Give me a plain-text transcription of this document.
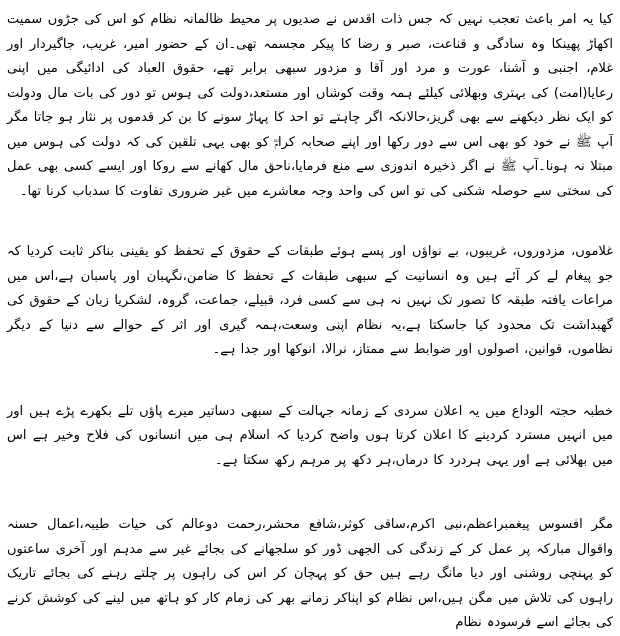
کیا یہ امر باعث تعجب نہیں کہ جس ذات اقدس نے صدیوں پر محیط ظالمانہ نظام کو اس کی جڑوں سمیت اکھاڑ پھینکا وہ سادگی و قناعت، صبر و رضا کا پیکر مجسمہ تھی۔ان کے حضور امیر، غریب، جاگیردار اور غلام، اجنبی و آشنا، عورت و مرد اور آقا و مزدور سبھی برابر تھے، حقوق العباد کی ادائیگی میں اپنی رعایا(امت) کی بہتری وبھلائی کیلئے ہمہ وقت کوشاں اور مستعد،دولت کی ہوس تو دور کی بات مال ودولت کو ایک نظر دیکھنے سے بھی گریز،حالانکہ اگر چاہتے تو احد کا پہاڑ سونے کا بن کر قدموں پر نثار ہو جاتا مگر آپ ﷺ نے خود کو بھی اس سے دور رکھا اور اپنے صحابہ کرامؓ کو بھی یہی تلقین کی کہ دولت کی ہوس میں مبتلا نہ ہونا۔آپ ﷺ نے اگر ذخیرہ اندوزی سے منع فرمایا،ناحق مال کھانے سے روکا اور ایسے کسی بھی عمل کی سختی سے حوصلہ شکنی کی تو اس کی واحد وجہ معاشرے میں غیر ضروری تفاوت کا سدباب کرنا تھا۔

غلاموں، مزدوروں، غریبوں، بے نواؤں اور پسے ہوئے طبقات کے حقوق کے تحفظ کو یقینی بناکر ثابت کردیا کہ جو پیغام لے کر آئے ہیں وہ انسانیت کے سبھی طبقات کے تحفظ کا ضامن،نگہبان اور پاسبان ہے،اس میں مراعات یافتہ طبقہ کا تصور تک نہیں نہ ہی سے کسی فرد، قبیلے، جماعت، گروہ، لشکریا زبان کے حقوق کی گھبداشت تک محدود کیا جاسکتا ہے،یہ نظام اپنی وسعت،ہمہ گیری اور اثر کے حوالے سے دنیا کے دیگر نظاموں، قوانین، اصولوں اور ضوابط سے ممتاز، نرالا، انوکھا اور جدا ہے۔

خطبہ حجتہ الوداع میں یہ اعلان سردی کے زمانہ جہالت کے سبھی دساتیر میرے پاؤں تلے بکھرے پڑے ہیں اور میں انہیں مسترد کردینے کا اعلان کرتا ہوں واضح کردیا کہ اسلام ہی میں انسانوں کی فلاح وخیر ہے اس میں بھلائی ہے اور یہی ہردرد کا درماں،ہر دکھ پر مرہم رکھ سکتا ہے۔

مگر افسوس پیغمبراعظم،نبی اکرم،ساقی کوثر،شافع محشر،رحمت دوعالم کی حیات طیبہ،اعمال حسنہ واقوال مبارکہ پر عمل کر کے زندگی کی الجھی ڈور کو سلجھانے کی بجائے غیر سے مدہم اور آخری ساعتوں کو پہنچی روشنی اور دیا مانگ رہے ہیں حق کو پہچان کر اس کی راہوں پر چلتے رہنے کی بجائے تاریک راہوں کی تلاش میں مگن ہیں،اس نظام کو اپناکر زمانے بھر کی زمام کار کو ہاتھ میں لینے کی کوشش کرنے کی بجائے اسے فرسودہ نظام
